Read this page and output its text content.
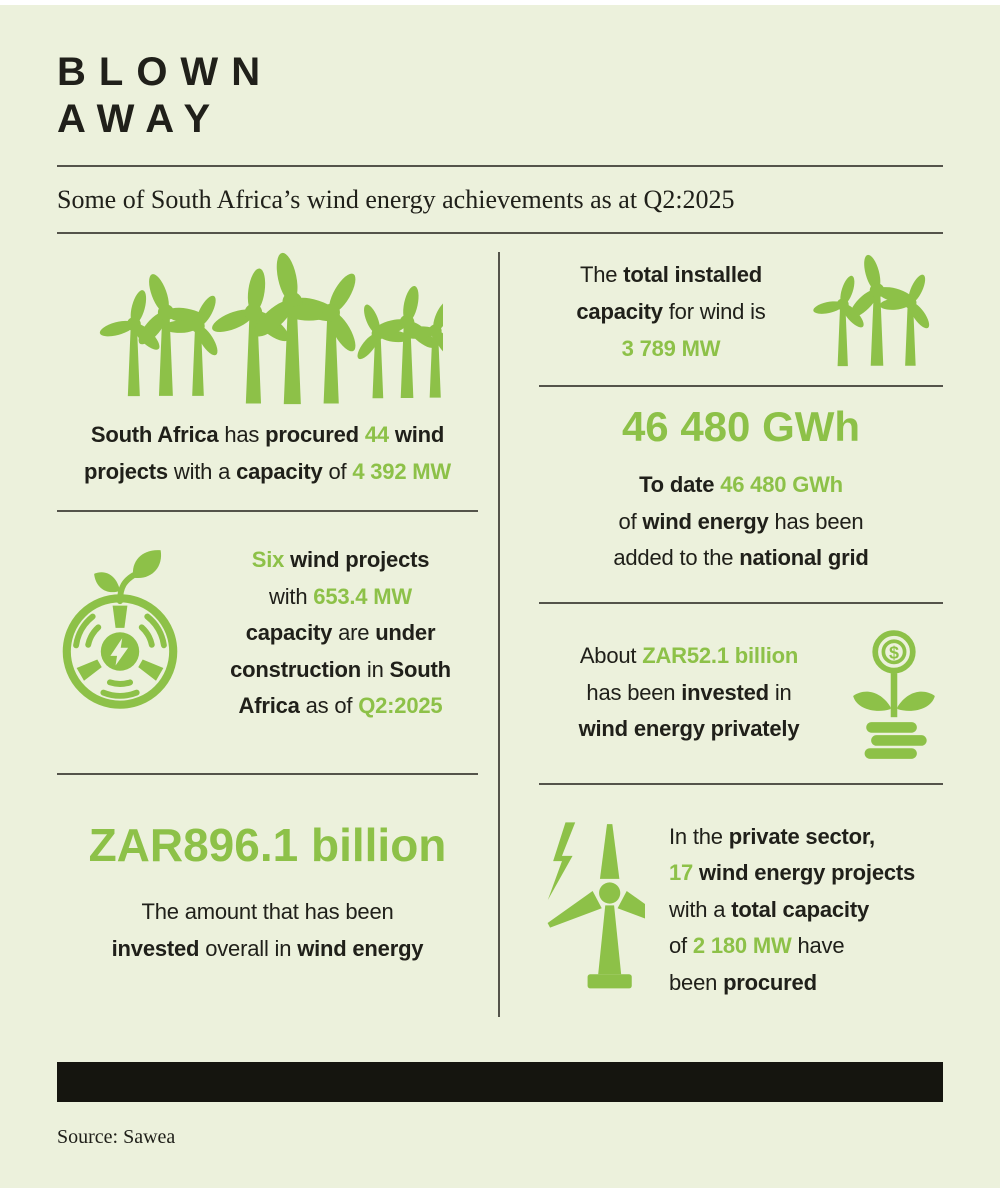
BLOWN
AWAY

Some of South Africa’s wind energy achievements as at Q2:2025

South Africa has procured 44 wind
projects with a capacity of 4 392 MW
Six wind projects
with 653.4 MW
capacity are under
construction in South
Africa as of Q2:2025
ZAR896.1 billion
The amount that has been
invested overall in wind energy
The total installed
capacity for wind is
3 789 MW
46 480 GWh
To date 46 480 GWh
of wind energy has been
added to the national grid
About ZAR52.1 billion
has been invested in
wind energy privately
$
In the private sector,
17 wind energy projects
with a total capacity
of 2 180 MW have
been procured

Source: Sawea
